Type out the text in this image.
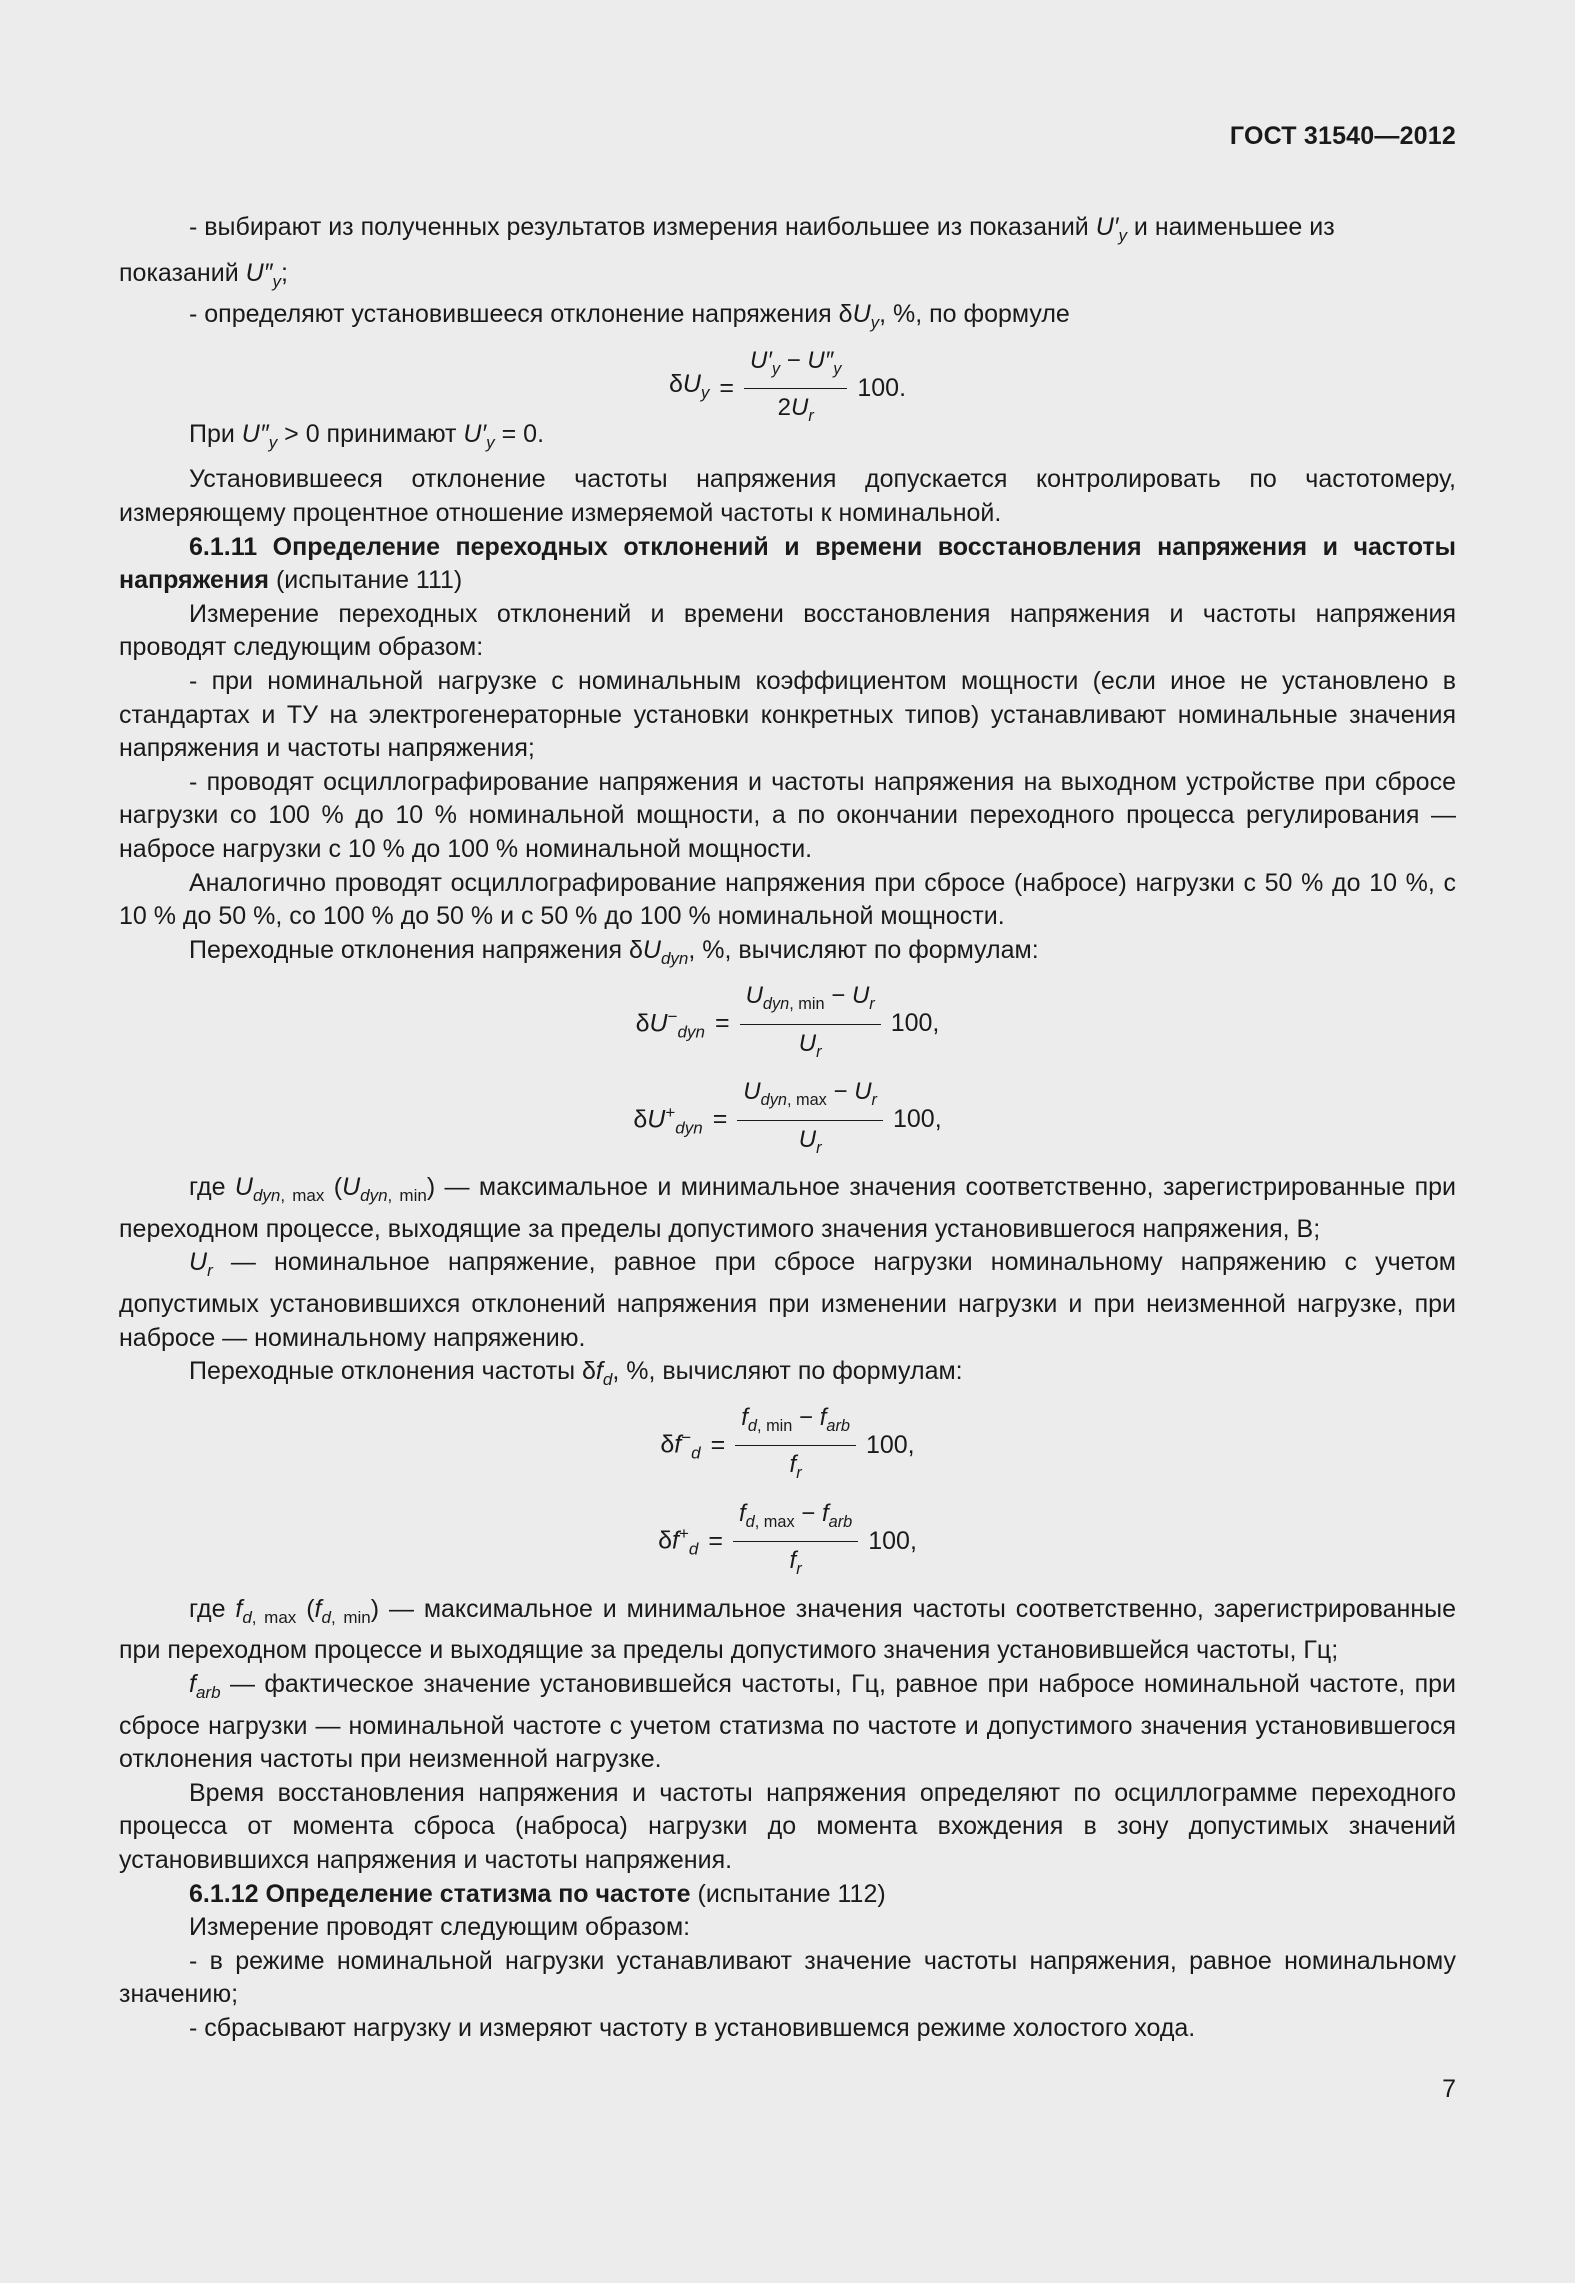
ГОСТ 31540—2012

- выбирают из полученных результатов измерения наибольшее из показаний $U'_y$ и наименьшее из

показаний $U''_y$;

- определяют установившееся отклонение напряжения $\delta U_y$, %, по формуле

$\delta U_y = \frac{U'_y - U''_y}{2U_r} 100$.

При $U''_y > 0$ принимают $U'_y = 0$.

Установившееся отклонение частоты напряжения допускается контролировать по частотомеру, измеряющему процентное отношение измеряемой частоты к номинальной.

6.1.11 Определение переходных отклонений и времени восстановления напряжения и частоты напряжения (испытание 111)

Измерение переходных отклонений и времени восстановления напряжения и частоты напряжения проводят следующим образом:

- при номинальной нагрузке с номинальным коэффициентом мощности (если иное не установлено в стандартах и ТУ на электрогенераторные установки конкретных типов) устанавливают номинальные значения напряжения и частоты напряжения;

- проводят осциллографирование напряжения и частоты напряжения на выходном устройстве при сбросе нагрузки со 100 % до 10 % номинальной мощности, а по окончании переходного процесса регулирования — набросе нагрузки с 10 % до 100 % номинальной мощности.

Аналогично проводят осциллографирование напряжения при сбросе (набросе) нагрузки с 50 % до 10 %, с 10 % до 50 %, со 100 % до 50 % и с 50 % до 100 % номинальной мощности.

Переходные отклонения напряжения $\delta U_{dyn}$, %, вычисляют по формулам:

$\delta U^-_{dyn} = \frac{U_{dyn, min} - U_r}{U_r} 100$,
$\delta U^+_{dyn} = \frac{U_{dyn, max} - U_r}{U_r} 100$,

где $U_{dyn, max}$ $(U_{dyn, min})$ — максимальное и минимальное значения соответственно, зарегистрированные при переходном процессе, выходящие за пределы допустимого значения установившегося напряжения, В;

$U_r$ — номинальное напряжение, равное при сбросе нагрузки номинальному напряжению с учетом допустимых установившихся отклонений напряжения при изменении нагрузки и при неизменной нагрузке, при набросе — номинальному напряжению.

Переходные отклонения частоты $\delta f_d$, %, вычисляют по формулам:

$\delta f^-_d = \frac{f_{d, min} - f_{arb}}{f_r} 100$,
$\delta f^+_d = \frac{f_{d, max} - f_{arb}}{f_r} 100$,

где $f_{d, max}$ $(f_{d, min})$ — максимальное и минимальное значения частоты соответственно, зарегистрированные при переходном процессе и выходящие за пределы допустимого значения установившейся частоты, Гц;

$f_{arb}$ — фактическое значение установившейся частоты, Гц, равное при набросе номинальной частоте, при сбросе нагрузки — номинальной частоте с учетом статизма по частоте и допустимого значения установившегося отклонения частоты при неизменной нагрузке.

Время восстановления напряжения и частоты напряжения определяют по осциллограмме переходного процесса от момента сброса (наброса) нагрузки до момента вхождения в зону допустимых значений установившихся напряжения и частоты напряжения.

6.1.12 Определение статизма по частоте (испытание 112)

Измерение проводят следующим образом:

- в режиме номинальной нагрузки устанавливают значение частоты напряжения, равное номинальному значению;

- сбрасывают нагрузку и измеряют частоту в установившемся режиме холостого хода.

7
